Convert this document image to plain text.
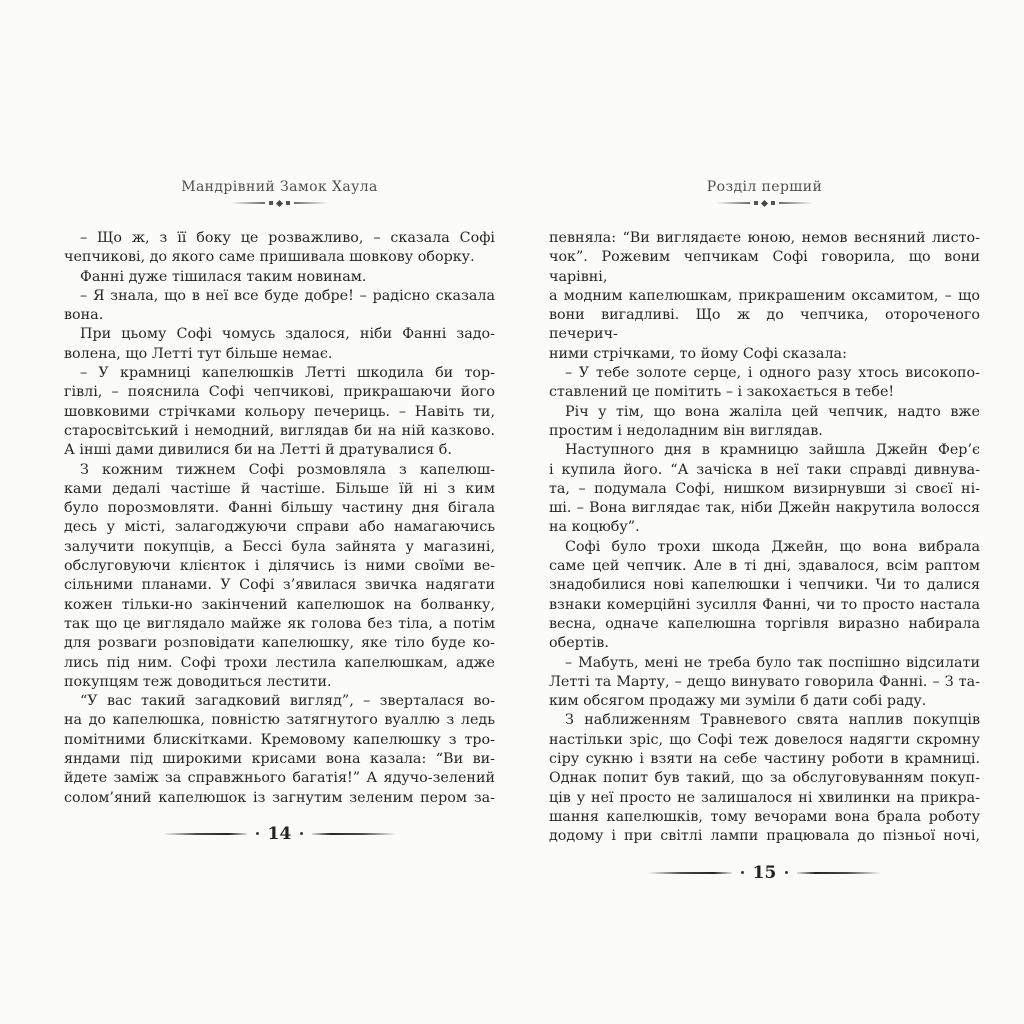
Мандрівний Замок Хаула
– Що ж, з її боку це розважливо, – сказала Софі
чепчикові, до якого саме пришивала шовкову оборку.
Фанні дуже тішилася таким новинам.
– Я знала, що в неї все буде добре! – радісно сказала
вона.
При цьому Софі чомусь здалося, ніби Фанні задо-
волена, що Летті тут більше немає.
– У крамниці капелюшків Летті шкодила би тор-
гівлі, – пояснила Софі чепчикові, прикрашаючи його
шовковими стрічками кольору печериць. – Навіть ти,
старосвітський і немодний, виглядав би на ній казково.
А інші дами дивилися би на Летті й дратувалися б.
З кожним тижнем Софі розмовляла з капелюш-
ками дедалі частіше й частіше. Більше їй ні з ким
було порозмовляти. Фанні більшу частину дня бігала
десь у місті, залагоджуючи справи або намагаючись
залучити покупців, а Бессі була зайнята у магазині,
обслуговуючи клієнток і ділячись із ними своїми ве-
сільними планами. У Софі з’явилася звичка надягати
кожен тільки-но закінчений капелюшок на болванку,
так що це виглядало майже як голова без тіла, а потім
для розваги розповідати капелюшку, яке тіло буде ко-
лись під ним. Софі трохи лестила капелюшкам, адже
покупцям теж доводиться лестити.
“У вас такий загадковий вигляд”, – зверталася во-
на до капелюшка, повністю затягнутого вуаллю з ледь
помітними блискітками. Кремовому капелюшку з тро-
яндами під широкими крисами вона казала: “Ви ви-
йдете заміж за справжнього багатія!” А ядучо-зелений
солом’яний капелюшок із загнутим зеленим пером за-
14
Розділ перший
певняла: “Ви виглядаєте юною, немов весняний листо-
чок”. Рожевим чепчикам Софі говорила, що вони чарівні,
а модним капелюшкам, прикрашеним оксамитом, – що
вони вигадливі. Що ж до чепчика, отороченого печерич-
ними стрічками, то йому Софі сказала:
– У тебе золоте серце, і одного разу хтось високопо-
ставлений це помітить – і закохається в тебе!
Річ у тім, що вона жаліла цей чепчик, надто вже
простим і недоладним він виглядав.
Наступного дня в крамницю зайшла Джейн Фер’є
і купила його. “А зачіска в неї таки справді дивнува-
та, – подумала Софі, нишком визирнувши зі своєї ні-
ші. – Вона виглядає так, ніби Джейн накрутила волосся
на коцюбу”.
Софі було трохи шкода Джейн, що вона вибрала
саме цей чепчик. Але в ті дні, здавалося, всім раптом
знадобилися нові капелюшки і чепчики. Чи то далися
взнаки комерційні зусилля Фанні, чи то просто настала
весна, одначе капелюшна торгівля виразно набирала
обертів.
– Мабуть, мені не треба було так поспішно відсилати
Летті та Марту, – дещо винувато говорила Фанні. – З та-
ким обсягом продажу ми зуміли б дати собі раду.
З наближенням Травневого свята наплив покупців
настільки зріс, що Софі теж довелося надягти скромну
сіру сукню і взяти на себе частину роботи в крамниці.
Однак попит був такий, що за обслуговуванням покуп-
ців у неї просто не залишалося ні хвилинки на прикра-
шання капелюшків, тому вечорами вона брала роботу
додому і при світлі лампи працювала до пізньої ночі,
15
